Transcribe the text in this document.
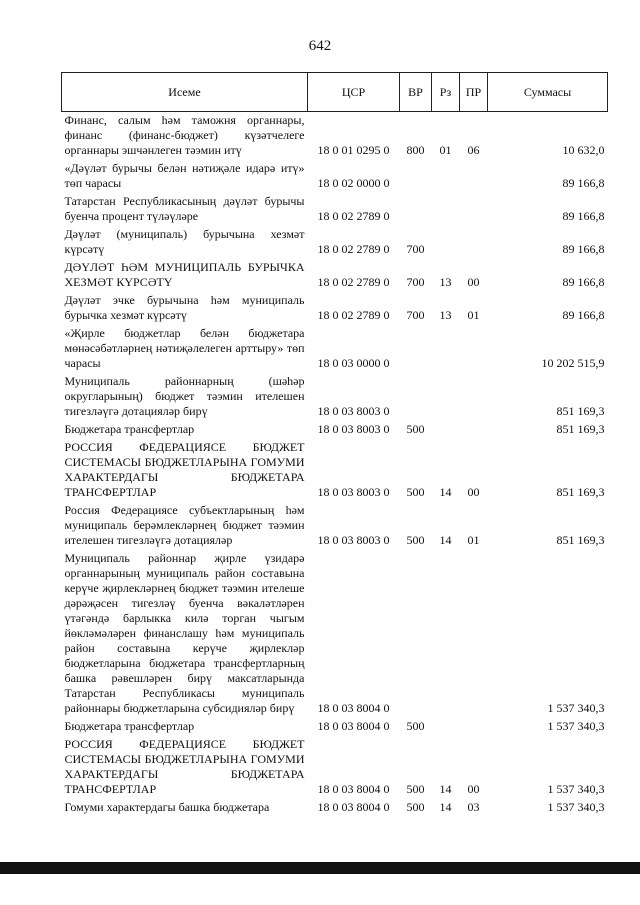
642
Исеме	ЦСР	ВР	Рз	ПР	Суммасы
Финанс, салым һәм таможня органнары, финанс (финанс-бюджет) күзәтчелеге органнары эшчәнлеген тәэмин итү	18 0 01 0295 0	800	01	06	10 632,0
«Дәүләт бурычы белән нәтиҗәле идарә итү» төп чарасы	18 0 02 0000 0				89 166,8
Татарстан Республикасының дәүләт бурычы буенча процент түләүләре	18 0 02 2789 0				89 166,8
Дәүләт (муниципаль) бурычына хезмәт күрсәтү	18 0 02 2789 0	700			89 166,8
ДӘҮЛӘТ ҺӘМ МУНИЦИПАЛЬ БУРЫЧКА ХЕЗМӘТ КҮРСӘТҮ	18 0 02 2789 0	700	13	00	89 166,8
Дәүләт эчке бурычына һәм муниципаль бурычка хезмәт күрсәтү	18 0 02 2789 0	700	13	01	89 166,8
«Җирле бюджетлар белән бюджетара мөнәсәбәтләрнең нәтиҗәлелеген арттыру» төп чарасы	18 0 03 0000 0				10 202 515,9
Муниципаль районнарның (шәһәр округларының) бюджет тәэмин ителешен тигезләүгә дотацияләр бирү	18 0 03 8003 0				851 169,3
Бюджетара трансфертлар	18 0 03 8003 0	500			851 169,3
РОССИЯ ФЕДЕРАЦИЯСЕ БЮДЖЕТ СИСТЕМАСЫ БЮДЖЕТЛАРЫНА ГОМУМИ ХАРАКТЕРДАГЫ БЮДЖЕТАРА ТРАНСФЕРТЛАР	18 0 03 8003 0	500	14	00	851 169,3
Россия Федерациясе субъектларының һәм муниципаль берәмлекләрнең бюджет тәэмин ителешен тигезләүгә дотацияләр	18 0 03 8003 0	500	14	01	851 169,3
Муниципаль районнар җирле үзидарә органнарының муниципаль район составына керүче җирлекләрнең бюджет тәэмин ителеше дәрәҗәсен тигезләү буенча вәкаләтләрен үтәгәндә барлыкка килә торган чыгым йөкләмәләрен финанслашу һәм муниципаль район составына керүче җирлекләр бюджетларына бюджетара трансфертларның башка рәвешләрен бирү максатларында Татарстан Республикасы муниципаль районнары бюджетларына субсидияләр бирү	18 0 03 8004 0				1 537 340,3
Бюджетара трансфертлар	18 0 03 8004 0	500			1 537 340,3
РОССИЯ ФЕДЕРАЦИЯСЕ БЮДЖЕТ СИСТЕМАСЫ БЮДЖЕТЛАРЫНА ГОМУМИ ХАРАКТЕРДАГЫ БЮДЖЕТАРА ТРАНСФЕРТЛАР	18 0 03 8004 0	500	14	00	1 537 340,3
Гомуми характердагы башка бюджетара	18 0 03 8004 0	500	14	03	1 537 340,3
